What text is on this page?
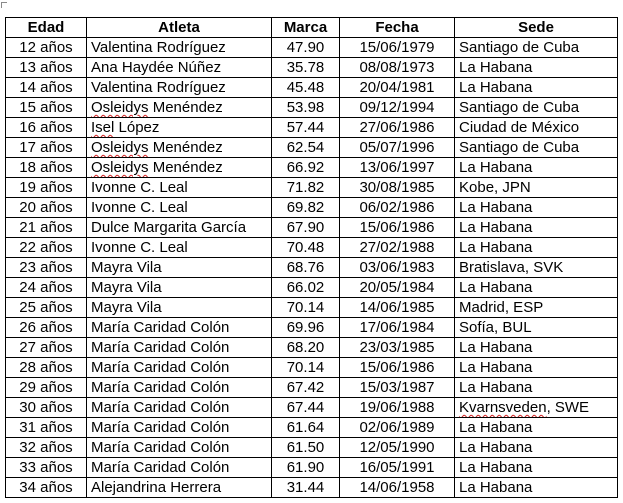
Edad	Atleta	Marca	Fecha	Sede
12 años	Valentina Rodríguez	47.90	15/06/1979	Santiago de Cuba
13 años	Ana Haydée Núñez	35.78	08/08/1973	La Habana
14 años	Valentina Rodríguez	45.48	20/04/1981	La Habana
15 años	Osleidys Menéndez	53.98	09/12/1994	Santiago de Cuba
16 años	Isel López	57.44	27/06/1986	Ciudad de México
17 años	Osleidys Menéndez	62.54	05/07/1996	Santiago de Cuba
18 años	Osleidys Menéndez	66.92	13/06/1997	La Habana
19 años	Ivonne C. Leal	71.82	30/08/1985	Kobe, JPN
20 años	Ivonne C. Leal	69.82	06/02/1986	La Habana
21 años	Dulce Margarita García	67.90	15/06/1986	La Habana
22 años	Ivonne C. Leal	70.48	27/02/1988	La Habana
23 años	Mayra Vila	68.76	03/06/1983	Bratislava, SVK
24 años	Mayra Vila	66.02	20/05/1984	La Habana
25 años	Mayra Vila	70.14	14/06/1985	Madrid, ESP
26 años	María Caridad Colón	69.96	17/06/1984	Sofía, BUL
27 años	María Caridad Colón	68.20	23/03/1985	La Habana
28 años	María Caridad Colón	70.14	15/06/1986	La Habana
29 años	María Caridad Colón	67.42	15/03/1987	La Habana
30 años	María Caridad Colón	67.44	19/06/1988	Kvarnsveden, SWE
31 años	María Caridad Colón	61.64	02/06/1989	La Habana
32 años	María Caridad Colón	61.50	12/05/1990	La Habana
33 años	María Caridad Colón	61.90	16/05/1991	La Habana
34 años	Alejandrina Herrera	31.44	14/06/1958	La Habana
